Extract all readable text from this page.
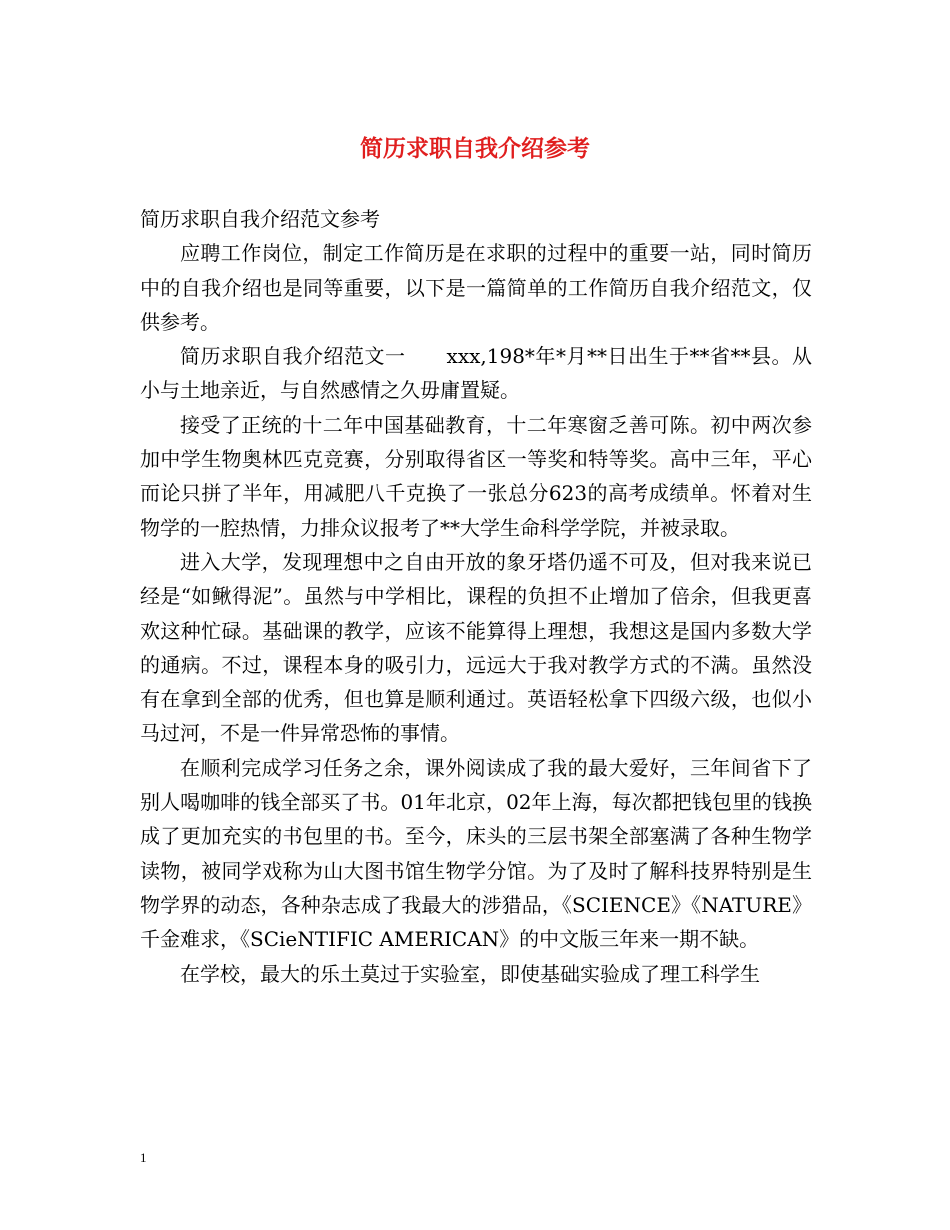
简历求职自我介绍参考

简历求职自我介绍范文参考

应聘工作岗位，制定工作简历是在求职的过程中的重要一站，同时简历中的自我介绍也是同等重要，以下是一篇简单的工作简历自我介绍范文，仅供参考。

简历求职自我介绍范文一　　xxx,198*年*月**日出生于**省**县。从小与土地亲近，与自然感情之久毋庸置疑。

接受了正统的十二年中国基础教育，十二年寒窗乏善可陈。初中两次参加中学生物奥林匹克竞赛，分别取得省区一等奖和特等奖。高中三年，平心而论只拼了半年，用减肥八千克换了一张总分623的高考成绩单。怀着对生物学的一腔热情，力排众议报考了**大学生命科学学院，并被录取。

进入大学，发现理想中之自由开放的象牙塔仍遥不可及，但对我来说已经是“如鳅得泥”。虽然与中学相比，课程的负担不止增加了倍余，但我更喜欢这种忙碌。基础课的教学，应该不能算得上理想，我想这是国内多数大学的通病。不过，课程本身的吸引力，远远大于我对教学方式的不满。虽然没有在拿到全部的优秀，但也算是顺利通过。英语轻松拿下四级六级，也似小马过河，不是一件异常恐怖的事情。

在顺利完成学习任务之余，课外阅读成了我的最大爱好，三年间省下了别人喝咖啡的钱全部买了书。01年北京，02年上海，每次都把钱包里的钱换成了更加充实的书包里的书。至今，床头的三层书架全部塞满了各种生物学读物，被同学戏称为山大图书馆生物学分馆。为了及时了解科技界特别是生物学界的动态，各种杂志成了我最大的涉猎品，《SCIENCE》《NATURE》千金难求，《SCieNTIFIC AMERICAN》的中文版三年来一期不缺。

在学校，最大的乐土莫过于实验室，即使基础实验成了理工科学生

1
